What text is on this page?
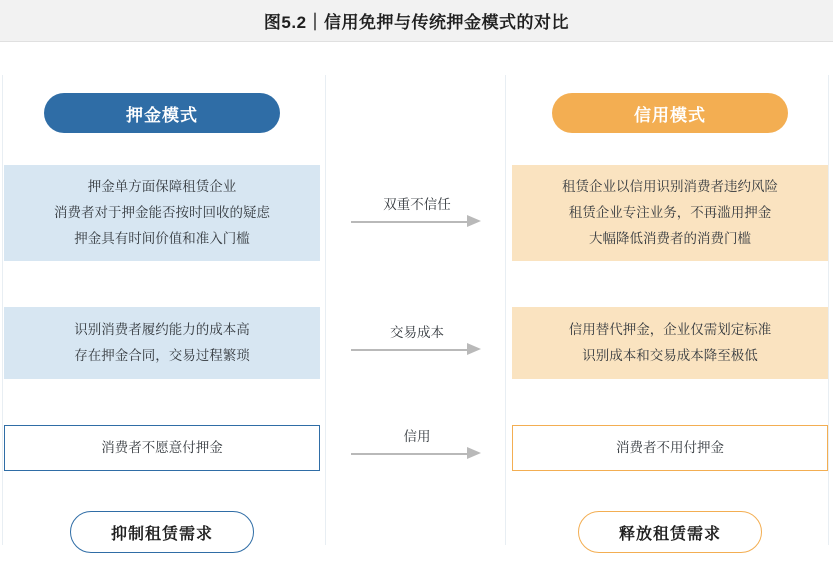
图5.2｜信用免押与传统押金模式的对比
押金模式	信用模式
押金单方面保障租赁企业
消费者对于押金能否按时回收的疑虑
押金具有时间价值和准入门槛
双重不信任
租赁企业以信用识别消费者违约风险
租赁企业专注业务，不再滥用押金
大幅降低消费者的消费门槛
识别消费者履约能力的成本高
存在押金合同，交易过程繁琐
交易成本	信用替代押金，企业仅需划定标准
识别成本和交易成本降至极低
消费者不愿意付押金
信用
消费者不用付押金
抑制租赁需求	释放租赁需求
